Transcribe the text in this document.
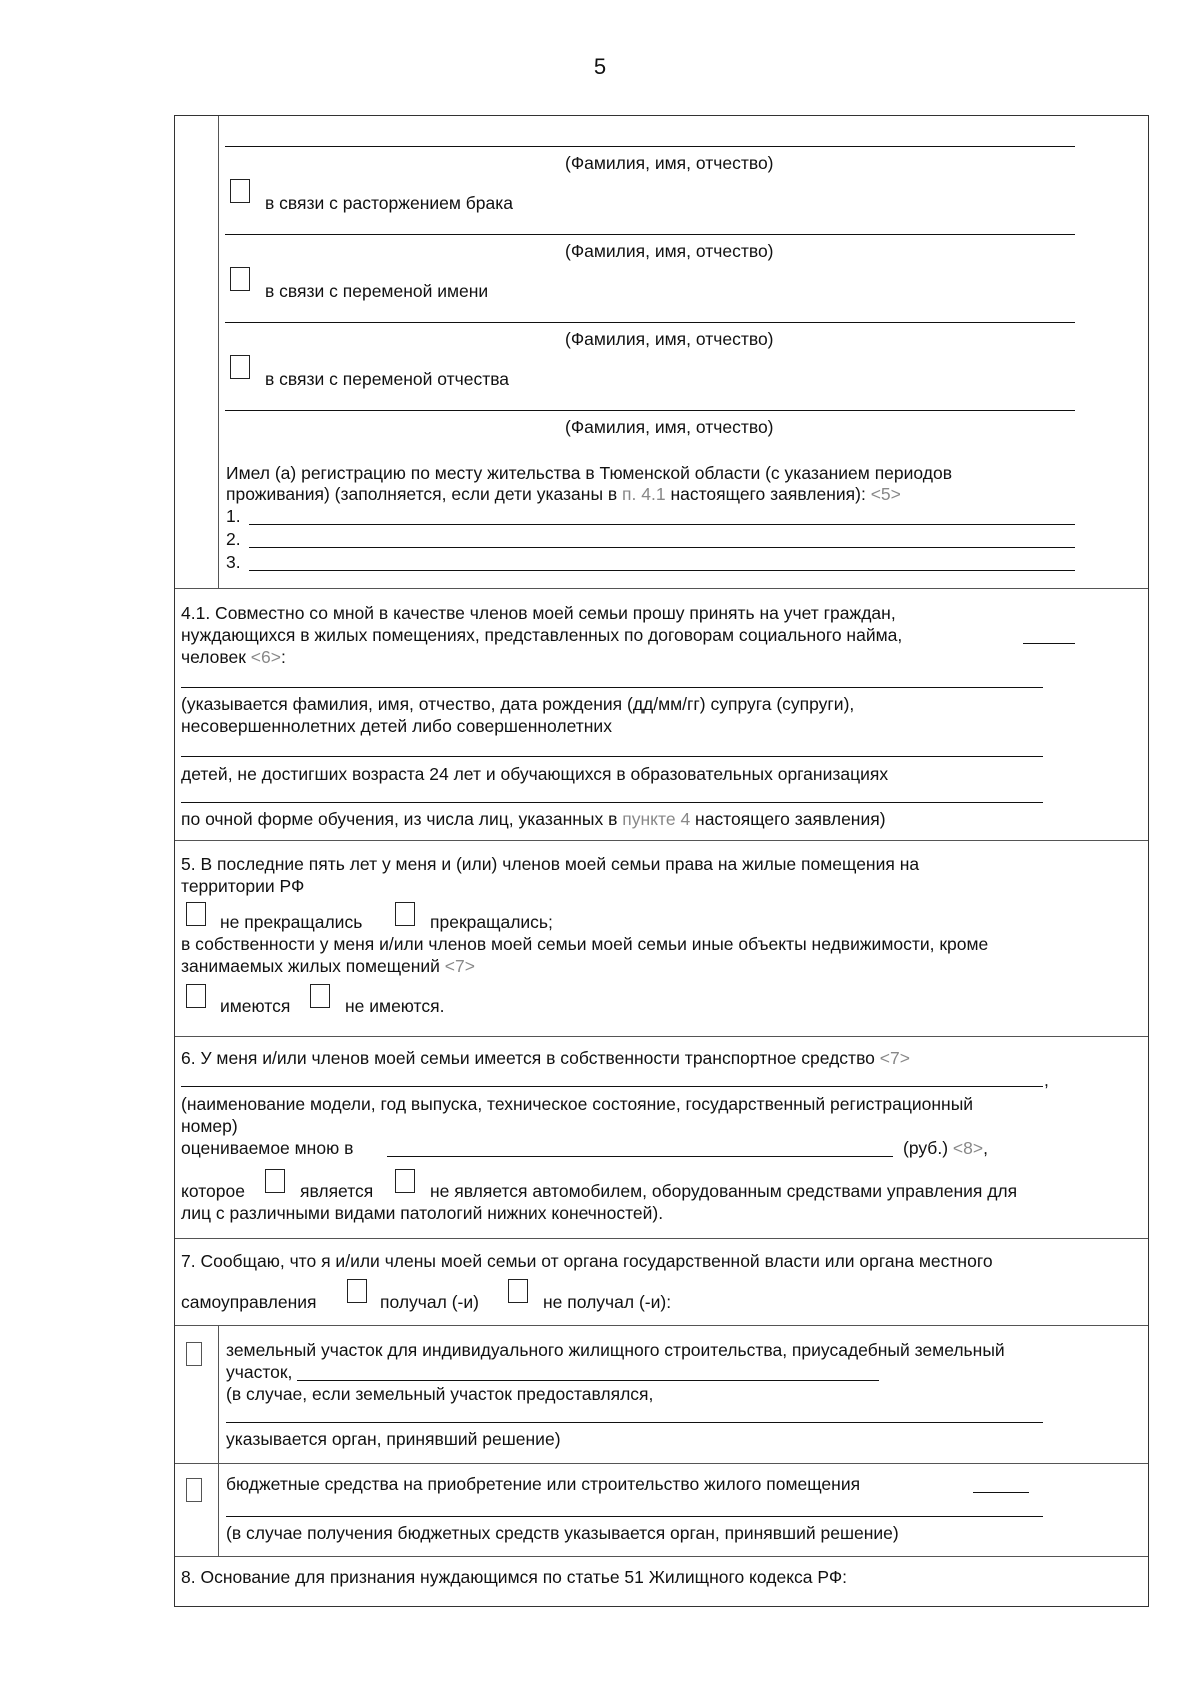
5
(Фамилия, имя, отчество)
в связи с расторжением брака
(Фамилия, имя, отчество)
в связи с переменой имени
(Фамилия, имя, отчество)
в связи с переменой отчества
(Фамилия, имя, отчество)
Имел (а) регистрацию по месту жительства в Тюменской области (с указанием периодов
проживания) (заполняется, если дети указаны в п. 4.1 настоящего заявления): <5>
1.
2.
3.
4.1. Совместно со мной в качестве членов моей семьи прошу принять на учет граждан,
нуждающихся в жилых помещениях, представленных по договорам социального найма,
человек <6>:
(указывается фамилия, имя, отчество, дата рождения (дд/мм/гг) супруга (супруги),
несовершеннолетних детей либо совершеннолетних
детей, не достигших возраста 24 лет и обучающихся в образовательных организациях
по очной форме обучения, из числа лиц, указанных в пункте 4 настоящего заявления)
5. В последние пять лет у меня и (или) членов моей семьи права на жилые помещения на
территории РФ
не прекращались	прекращались;
в собственности у меня и/или членов моей семьи моей семьи иные объекты недвижимости, кроме
занимаемых жилых помещений <7>
имеются	не имеются.
6. У меня и/или членов моей семьи имеется в собственности транспортное средство <7>
,
(наименование модели, год выпуска, техническое состояние, государственный регистрационный
номер)
оцениваемое мною в	(руб.) <8>,
которое	является	не является автомобилем, оборудованным средствами управления для
лиц с различными видами патологий нижних конечностей).
7. Сообщаю, что я и/или члены моей семьи от органа государственной власти или органа местного
самоуправления	получал (-и)	не получал (-и):
земельный участок для индивидуального жилищного строительства, приусадебный земельный
участок,
(в случае, если земельный участок предоставлялся,
указывается орган, принявший решение)
бюджетные средства на приобретение или строительство жилого помещения
(в случае получения бюджетных средств указывается орган, принявший решение)
8. Основание для признания нуждающимся по статье 51 Жилищного кодекса РФ:
